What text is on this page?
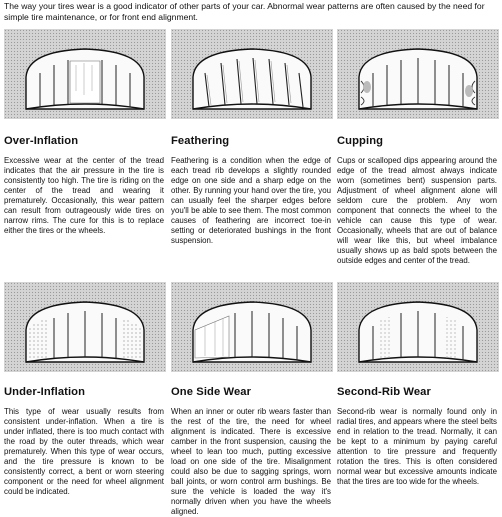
The way your tires wear is a good indicator of other parts of your car. Abnormal wear patterns are often caused by the need for simple tire maintenance, or for front end alignment.
Over-Inflation
Excessive wear at the center of the tread indicates that the air pressure in the tire is consistently too high. The tire is riding on the center of the tread and wearing it prematurely. Occasionally, this wear pattern can result from outrageously wide tires on narrow rims. The cure for this is to replace either the tires or the wheels.
Feathering
Feathering is a condition when the edge of each tread rib develops a slightly rounded edge on one side and a sharp edge on the other. By running your hand over the tire, you can usually feel the sharper edges before you'll be able to see them. The most common causes of feathering are incorrect toe-in setting or deteriorated bushings in the front suspension.
Cupping
Cups or scalloped dips appearing around the edge of the tread almost always indicate worn (sometimes bent) suspension parts. Adjustment of wheel alignment alone will seldom cure the problem. Any worn component that connects the wheel to the vehicle can cause this type of wear. Occasionally, wheels that are out of balance will wear like this, but wheel imbalance usually shows up as bald spots between the outside edges and center of the tread.
Under-Inflation
This type of wear usually results from consistent under-inflation. When a tire is under inflated, there is too much contact with the road by the outer threads, which wear prematurely. When this type of wear occurs, and the tire pressure is known to be consistently correct, a bent or worn steering component or the need for wheel alignment could be indicated.
One Side Wear
When an inner or outer rib wears faster than the rest of the tire, the need for wheel alignment is indicated. There is excessive camber in the front suspension, causing the wheel to lean too much, putting excessive load on one side of the tire. Misalignment could also be due to sagging springs, worn ball joints, or worn control arm bushings. Be sure the vehicle is loaded the way it's normally driven when you have the wheels aligned.
Second-Rib Wear
Second-rib wear is normally found only in radial tires, and appears where the steel belts end in relation to the tread. Normally, it can be kept to a minimum by paying careful attention to tire pressure and frequently rotation the tires. This is often considered normal wear but excessive amounts indicate that the tires are too wide for the wheels.
